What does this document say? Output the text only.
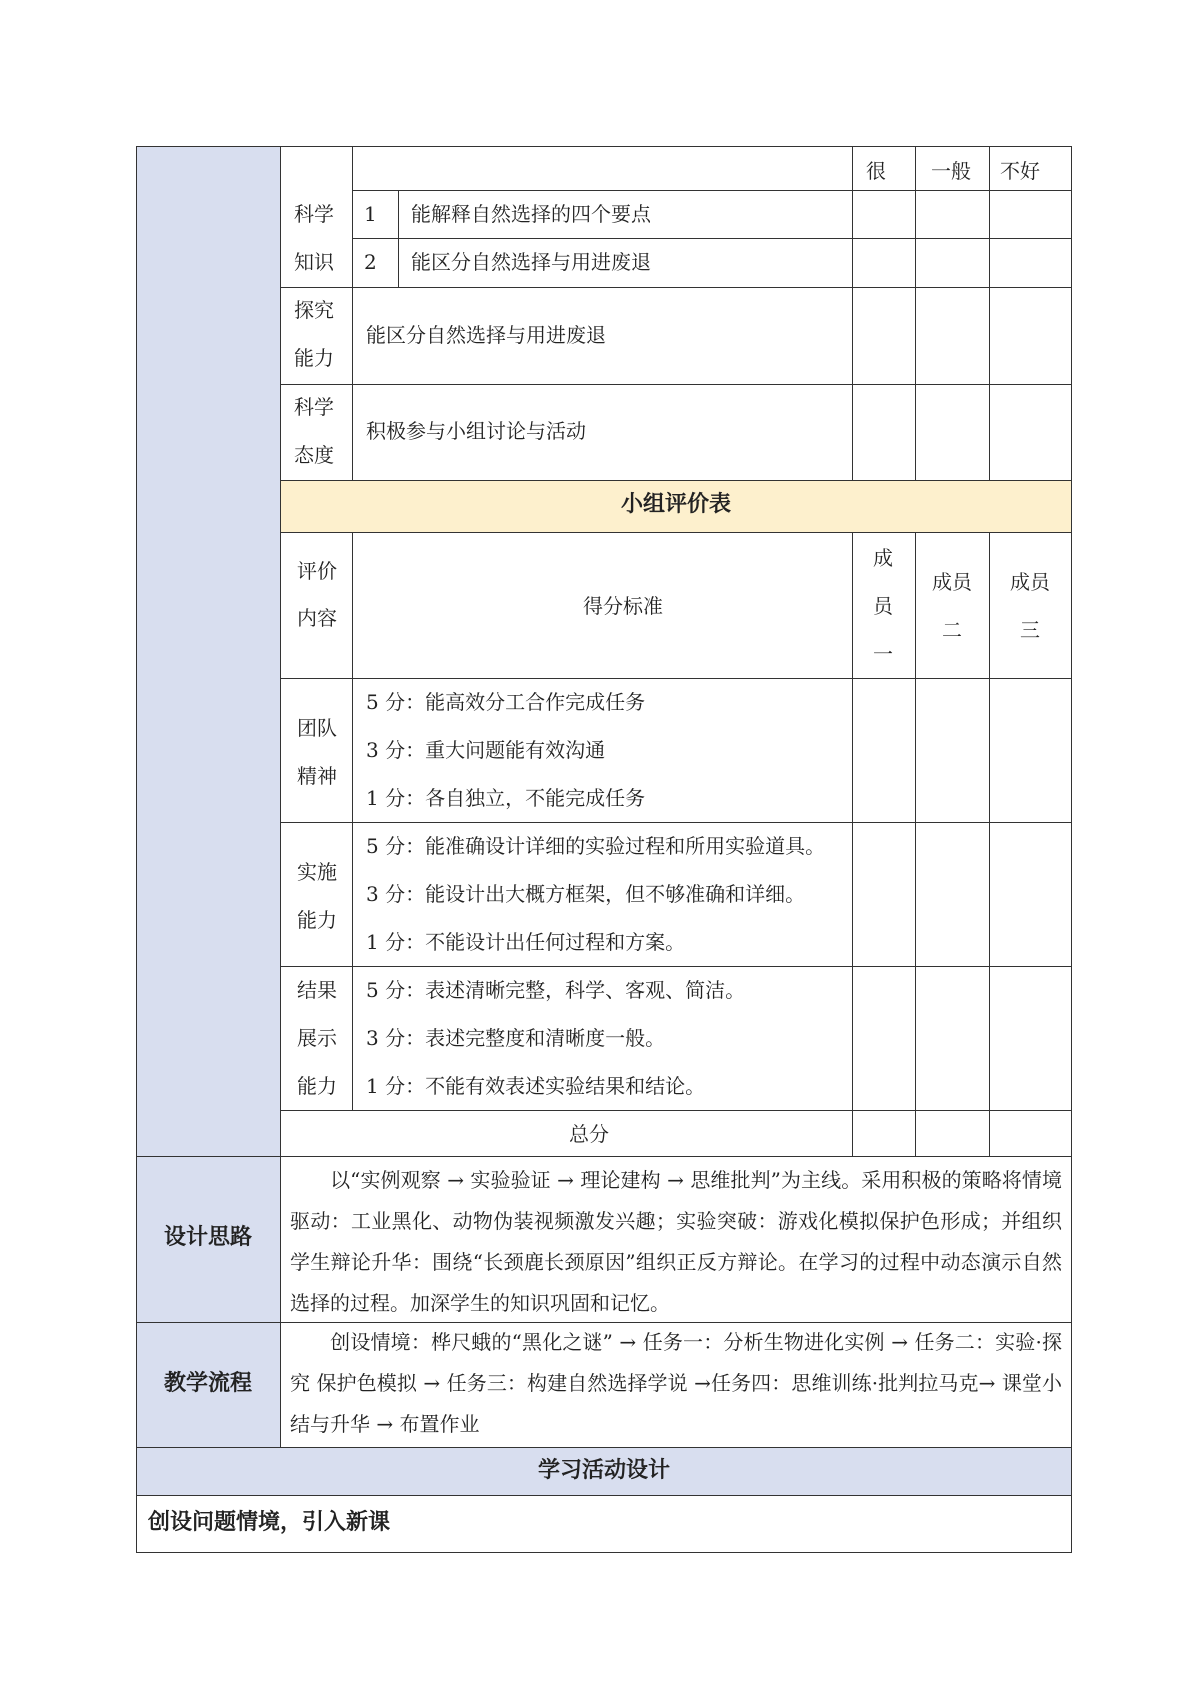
很 一般 不好
科学
知识
1 能解释自然选择的四个要点
2 能区分自然选择与用进废退
探究
能力
能区分自然选择与用进废退
科学
态度
积极参与小组讨论与活动
小组评价表
评价
内容	得分标准
成
员
一
成员
二
成员
三
团队
精神
5 分：能高效分工合作完成任务
3 分：重大问题能有效沟通
1 分：各自独立，不能完成任务
实施
能力
5 分：能准确设计详细的实验过程和所用实验道具。
3 分：能设计出大概方框架，但不够准确和详细。
1 分：不能设计出任何过程和方案。
结果
展示
能力
5 分：表述清晰完整，科学、客观、简洁。
3 分：表述完整度和清晰度一般。
1 分：不能有效表述实验结果和结论。
总分
设计思路
以“实例观察 → 实验验证 → 理论建构 → 思维批判”为主线。采用积极的策略将情境驱动：工业黑化、动物伪装视频激发兴趣；实验突破：游戏化模拟保护色形成；并组织学生辩论升华：围绕“长颈鹿长颈原因”组织正反方辩论。在学习的过程中动态演示自然选择的过程。加深学生的知识巩固和记忆。
教学流程
创设情境：桦尺蛾的“黑化之谜” → 任务一：分析生物进化实例 → 任务二：实验·探究 保护色模拟 → 任务三：构建自然选择学说 →任务四：思维训练·批判拉马克→ 课堂小结与升华 → 布置作业
学习活动设计
创设问题情境，引入新课
